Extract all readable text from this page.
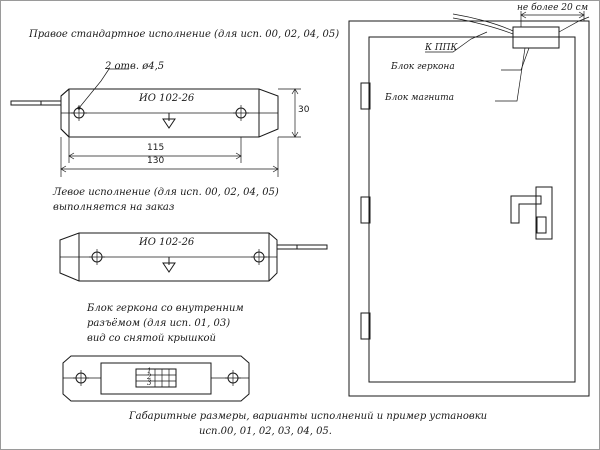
Правое стандартное исполнение (для исп. 00, 02, 04, 05)
2 отв. ø4,5
ИО 102-26
30
115
130
Левое исполнение (для исп. 00, 02, 04, 05)
выполняется на заказ
ИО 102-26
Блок геркона со внутренним
разъёмом (для исп. 01, 03)
вид со снятой крышкой
1
2
3
не более 20 см
К ППК
Блок геркона
Блок магнита
Габаритные размеры, варианты исполнений и пример установки
исп.00, 01, 02, 03, 04, 05.
